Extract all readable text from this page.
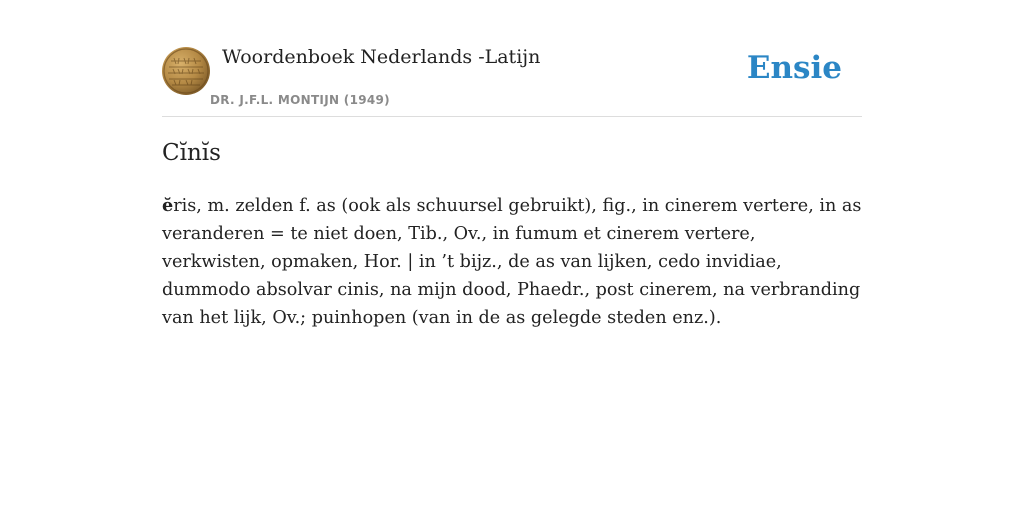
Woordenboek Nederlands -Latijn
DR. J.F.L. MONTIJN (1949)
Ensie
Cĭnĭs

ĕris, m. zelden f. as (ook als schuursel gebruikt), fig., in cinerem vertere, in as veranderen = te niet doen, Tib., Ov., in fumum et cinerem vertere, verkwisten, opmaken, Hor. | in ’t bijz., de as van lijken, cedo invidiae, dummodo absolvar cinis, na mijn dood, Phaedr., post cinerem, na verbranding van het lijk, Ov.; puinhopen (van in de as gelegde steden enz.).
